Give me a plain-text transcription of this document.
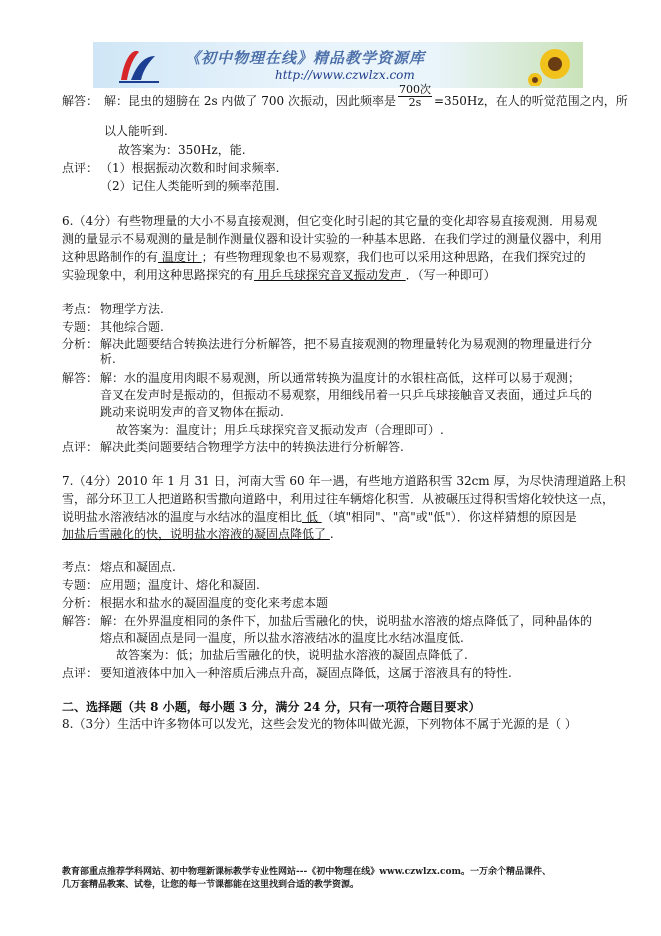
《初中物理在线》精品教学资源库
http://www.czwlzx.com
解答： 解：昆虫的翅膀在 2s 内做了 700 次振动，因此频率是 $\frac{\text{700次}}{2s} =350Hz$，在人的听觉范围之内，所
以人能听到.
故答案为：350Hz，能.
点评： （1）根据振动次数和时间求频率.
（2）记住人类能听到的频率范围.
6.（4分）有些物理量的大小不易直接观测，但它变化时引起的其它量的变化却容易直接观测．用易观
测的量显示不易观测的量是制作测量仪器和设计实验的一种基本思路．在我们学过的测量仪器中，利用
这种思路制作的有 温度计 ；有些物理现象也不易观察，我们也可以采用这种思路，在我们探究过的
实验现象中，利用这种思路探究的有 用乒乓球探究音叉振动发声 ．（写一种即可）
考点： 物理学方法.
专题： 其他综合题.
分析： 解决此题要结合转换法进行分析解答，把不易直接观测的物理量转化为易观测的物理量进行分
析.
解答： 解：水的温度用肉眼不易观测，所以通常转换为温度计的水银柱高低，这样可以易于观测；
音叉在发声时是振动的，但振动不易观察，用细线吊着一只乒乓球接触音叉表面，通过乒乓的
跳动来说明发声的音叉物体在振动.
故答案为：温度计；用乒乓球探究音叉振动发声（合理即可）.
点评： 解决此类问题要结合物理学方法中的转换法进行分析解答.
7.（4分）2010 年 1 月 31 日，河南大雪 60 年一遇，有些地方道路积雪 32cm 厚，为尽快清理道路上积
雪，部分环卫工人把道路积雪撒向道路中，利用过往车辆熔化积雪．从被碾压过得积雪熔化较快这一点，
说明盐水溶液结冰的温度与水结冰的温度相比 低 （填"相同"、"高"或"低"）．你这样猜想的原因是
加盐后雪融化的快，说明盐水溶液的凝固点降低了 .
考点： 熔点和凝固点.
专题： 应用题；温度计、熔化和凝固.
分析： 根据水和盐水的凝固温度的变化来考虑本题
解答： 解：在外界温度相同的条件下，加盐后雪融化的快，说明盐水溶液的熔点降低了，同种晶体的
熔点和凝固点是同一温度，所以盐水溶液结冰的温度比水结冰温度低.
故答案为：低；加盐后雪融化的快，说明盐水溶液的凝固点降低了.
点评： 要知道液体中加入一种溶质后沸点升高，凝固点降低，这属于溶液具有的特性.
二、选择题（共 8 小题，每小题 3 分，满分 24 分，只有一项符合题目要求）
8.（3分）生活中许多物体可以发光，这些会发光的物体叫做光源，下列物体不属于光源的是（ ）
教育部重点推荐学科网站、初中物理新课标教学专业性网站---《初中物理在线》www.czwlzx.com。一万余个精品课件、
几万套精品教案、试卷，让您的每一节课都能在这里找到合适的教学资源。
